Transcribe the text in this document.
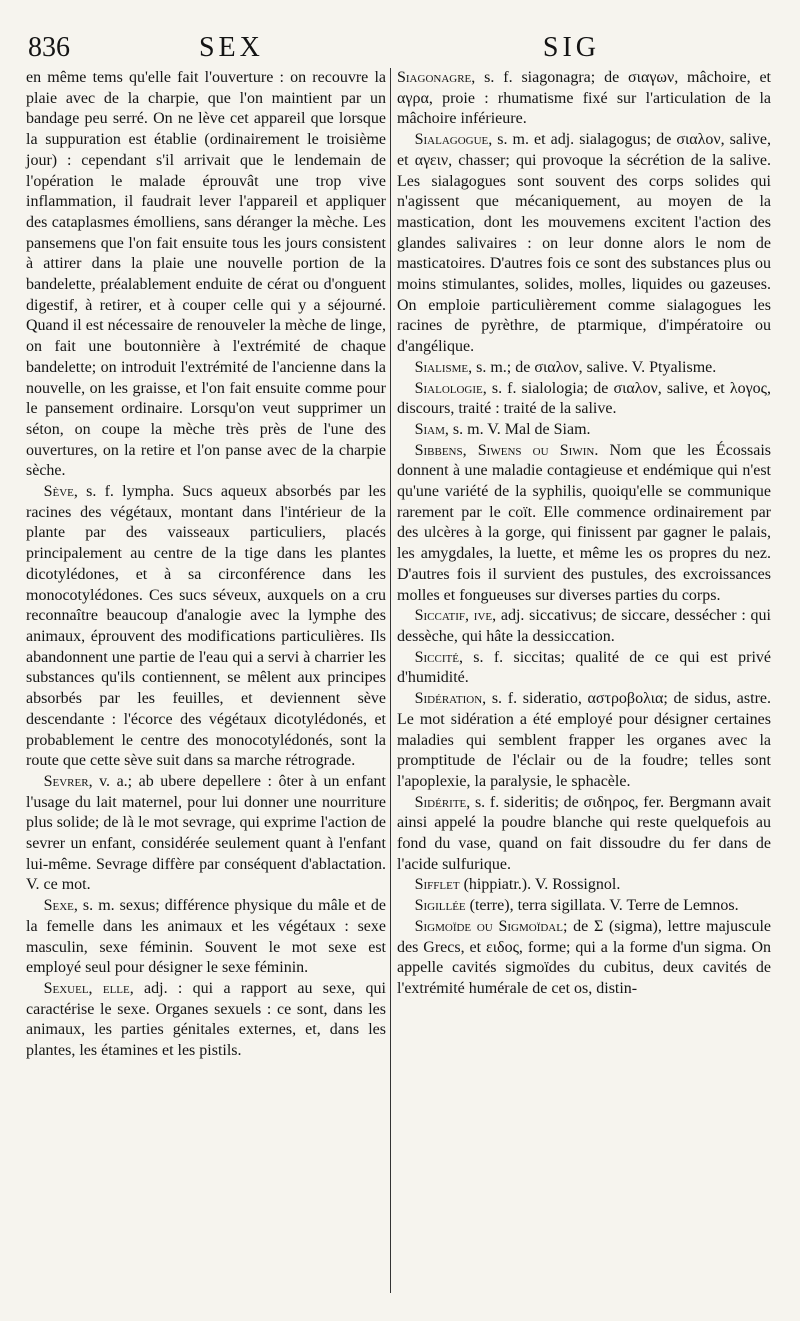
836	SEX	SIG

en même tems qu'elle fait l'ouverture : on recouvre la plaie avec de la charpie, que l'on maintient par un bandage peu serré. On ne lève cet appareil que lorsque la suppuration est établie (ordinairement le troisième jour) : cependant s'il arrivait que le lendemain de l'opération le malade éprouvât une trop vive inflammation, il faudrait lever l'appareil et appliquer des cataplasmes émolliens, sans déranger la mèche. Les pansemens que l'on fait ensuite tous les jours consistent à attirer dans la plaie une nouvelle portion de la bandelette, préalablement enduite de cérat ou d'onguent digestif, à retirer, et à couper celle qui y a séjourné. Quand il est nécessaire de renouveler la mèche de linge, on fait une boutonnière à l'extrémité de chaque bandelette; on introduit l'extrémité de l'ancienne dans la nouvelle, on les graisse, et l'on fait ensuite comme pour le pansement ordinaire. Lorsqu'on veut supprimer un séton, on coupe la mèche très près de l'une des ouvertures, on la retire et l'on panse avec de la charpie sèche.

Sève, s. f. lympha. Sucs aqueux absorbés par les racines des végétaux, montant dans l'intérieur de la plante par des vaisseaux particuliers, placés principalement au centre de la tige dans les plantes dicotylédones, et à sa circonférence dans les monocotylédones. Ces sucs séveux, auxquels on a cru reconnaître beaucoup d'analogie avec la lymphe des animaux, éprouvent des modifications particulières. Ils abandonnent une partie de l'eau qui a servi à charrier les substances qu'ils contiennent, se mêlent aux principes absorbés par les feuilles, et deviennent sève descendante : l'écorce des végétaux dicotylédonés, et probablement le centre des monocotylédonés, sont la route que cette sève suit dans sa marche rétrograde.

Sevrer, v. a.; ab ubere depellere : ôter à un enfant l'usage du lait maternel, pour lui donner une nourriture plus solide; de là le mot sevrage, qui exprime l'action de sevrer un enfant, considérée seulement quant à l'enfant lui-même. Sevrage diffère par conséquent d'ablactation. V. ce mot.

Sexe, s. m. sexus; différence physique du mâle et de la femelle dans les animaux et les végétaux : sexe masculin, sexe féminin. Souvent le mot sexe est employé seul pour désigner le sexe féminin.

Sexuel, elle, adj. : qui a rapport au sexe, qui caractérise le sexe. Organes sexuels : ce sont, dans les animaux, les parties génitales externes, et, dans les plantes, les étamines et les pistils.

Siagonagre, s. f. siagonagra; de σιαγων, mâchoire, et αγρα, proie : rhumatisme fixé sur l'articulation de la mâchoire inférieure.

Sialagogue, s. m. et adj. sialagogus; de σιαλον, salive, et αγειν, chasser; qui provoque la sécrétion de la salive. Les sialagogues sont souvent des corps solides qui n'agissent que mécaniquement, au moyen de la mastication, dont les mouvemens excitent l'action des glandes salivaires : on leur donne alors le nom de masticatoires. D'autres fois ce sont des substances plus ou moins stimulantes, solides, molles, liquides ou gazeuses. On emploie particulièrement comme sialagogues les racines de pyrèthre, de ptarmique, d'impératoire ou d'angélique.

Sialisme, s. m.; de σιαλον, salive. V. Ptyalisme.

Sialologie, s. f. sialologia; de σιαλον, salive, et λογος, discours, traité : traité de la salive.

Siam, s. m. V. Mal de Siam.

Sibbens, Siwens ou Siwin. Nom que les Écossais donnent à une maladie contagieuse et endémique qui n'est qu'une variété de la syphilis, quoiqu'elle se communique rarement par le coït. Elle commence ordinairement par des ulcères à la gorge, qui finissent par gagner le palais, les amygdales, la luette, et même les os propres du nez. D'autres fois il survient des pustules, des excroissances molles et fongueuses sur diverses parties du corps.

Siccatif, ive, adj. siccativus; de siccare, dessécher : qui dessèche, qui hâte la dessiccation.

Siccité, s. f. siccitas; qualité de ce qui est privé d'humidité.

Sidération, s. f. sideratio, αστροβολια; de sidus, astre. Le mot sidération a été employé pour désigner certaines maladies qui semblent frapper les organes avec la promptitude de l'éclair ou de la foudre; telles sont l'apoplexie, la paralysie, le sphacèle.

Sidérite, s. f. sideritis; de σιδηρος, fer. Bergmann avait ainsi appelé la poudre blanche qui reste quelquefois au fond du vase, quand on fait dissoudre du fer dans de l'acide sulfurique.

Sifflet (hippiatr.). V. Rossignol.

Sigillée (terre), terra sigillata. V. Terre de Lemnos.

Sigmoïde ou Sigmoïdal; de Σ (sigma), lettre majuscule des Grecs, et ειδος, forme; qui a la forme d'un sigma. On appelle cavités sigmoïdes du cubitus, deux cavités de l'extrémité humérale de cet os, distin-
